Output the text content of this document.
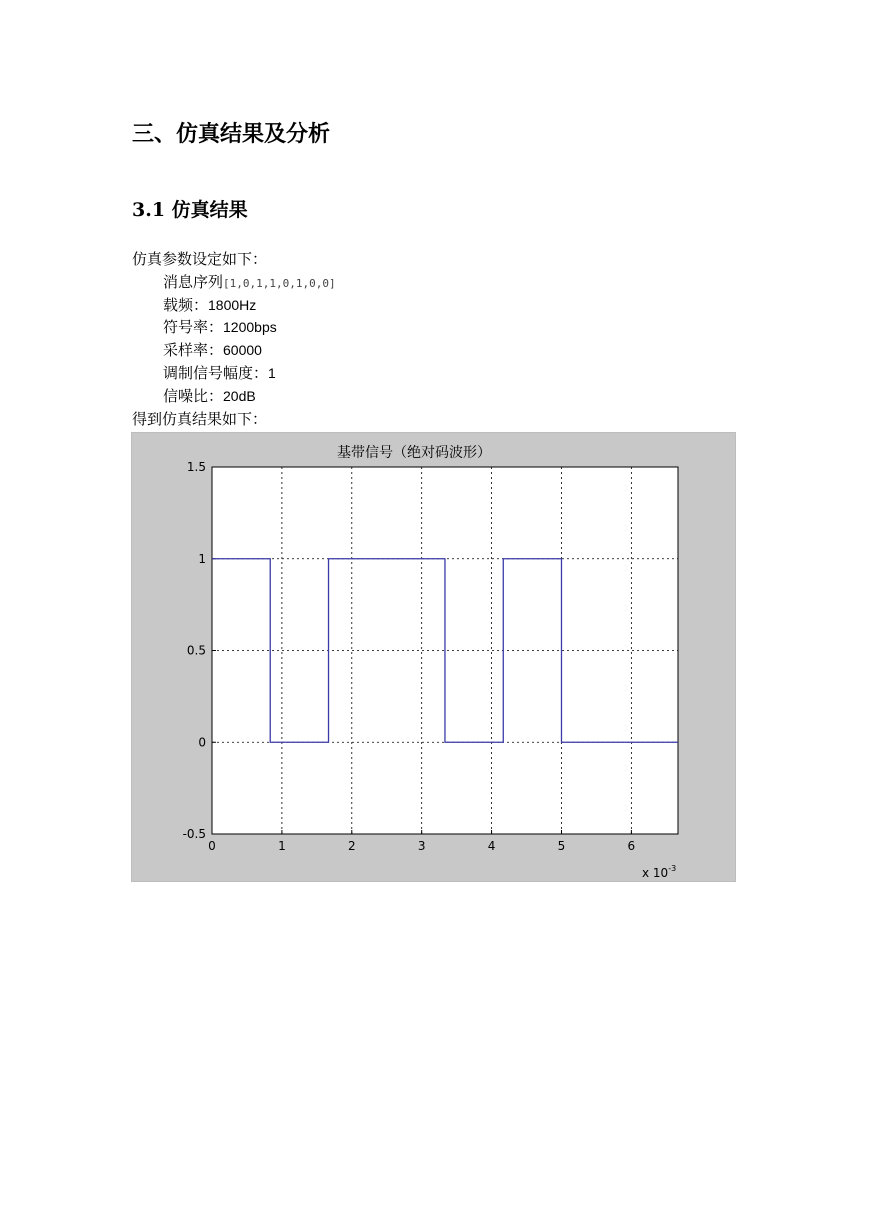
三、仿真结果及分析
3.1 仿真结果
仿真参数设定如下：
消息序列[1,0,1,1,0,1,0,0]
载频：1800Hz
符号率：1200bps
采样率：60000
调制信号幅度：1
信噪比：20dB
得到仿真结果如下：
基带信号（绝对码波形）
0	1	2	3	4	5	6
-0.5
0
0.5
1
1.5
x $10^{-3}$
